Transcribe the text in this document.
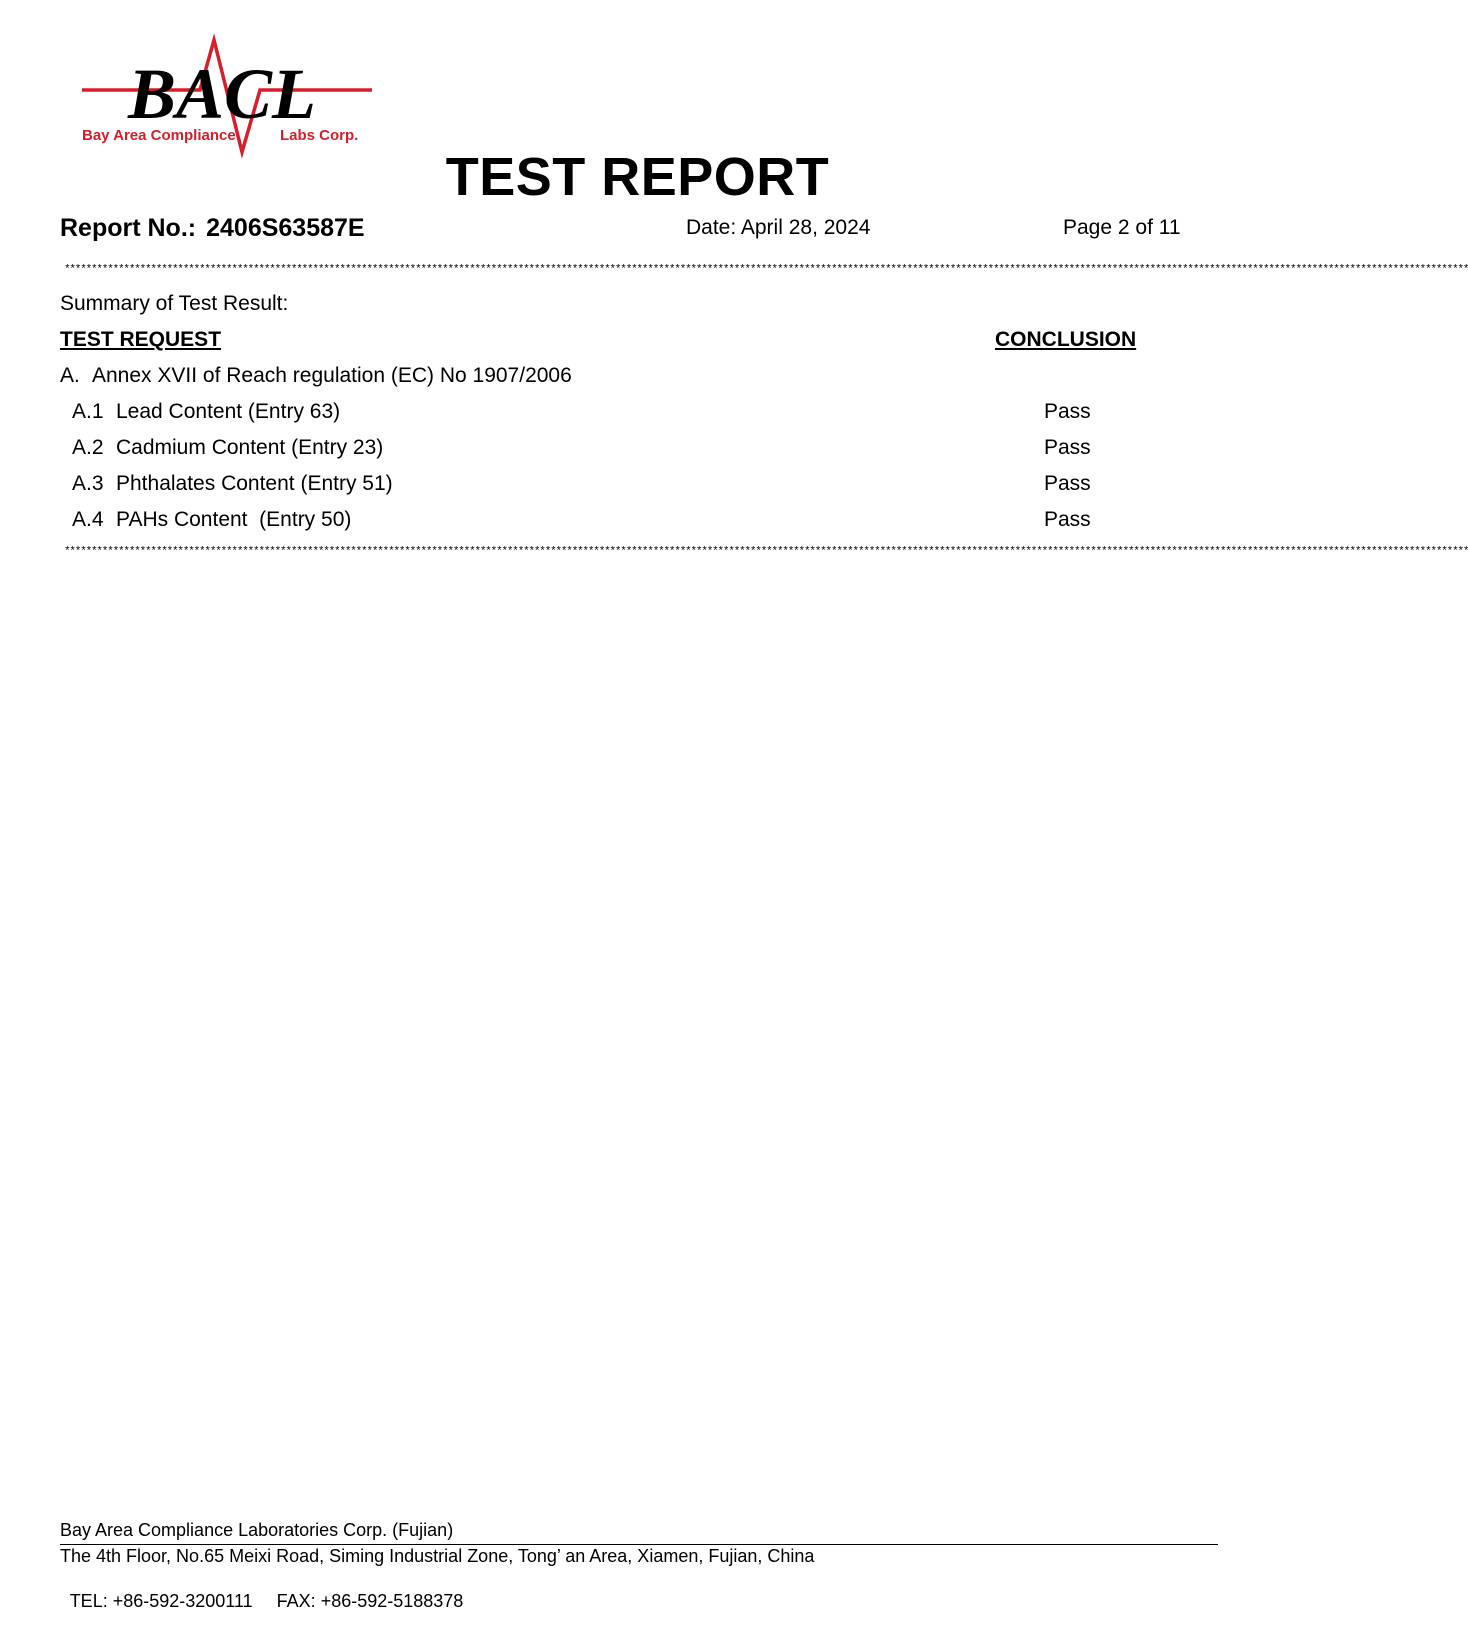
BACL
Bay Area Compliance	Labs Corp.
TEST REPORT
Report No.: 2406S63587E	Date: April 28, 2024	Page 2 of 11
********************************************************************************************************************************************************************************************************************************************************************
Summary of Test Result:
TEST REQUEST	CONCLUSION
A. Annex XVII of Reach regulation (EC) No 1907/2006
A.1 Lead Content (Entry 63)	Pass
A.2 Cadmium Content (Entry 23)	Pass
A.3 Phthalates Content (Entry 51)	Pass
A.4 PAHs Content  (Entry 50)	Pass
********************************************************************************************************************************************************************************************************************************************************************
Bay Area Compliance Laboratories Corp. (Fujian)
The 4th Floor, No.65 Meixi Road, Siming Industrial Zone, Tong’ an Area, Xiamen, Fujian, China

TEL: +86-592-3200111 FAX: +86-592-5188378
